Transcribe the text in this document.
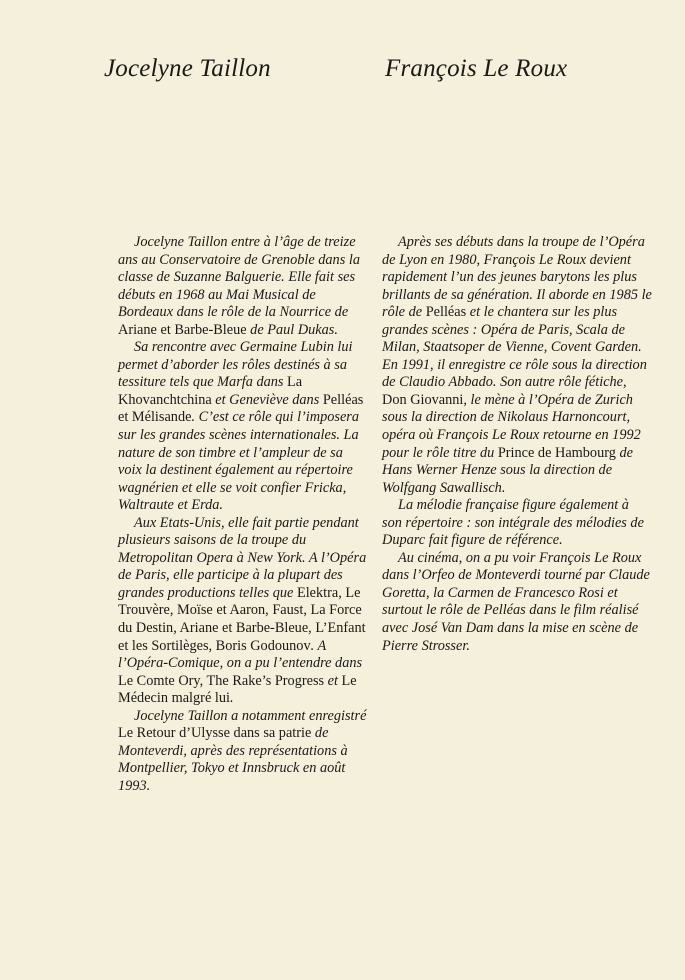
Jocelyne Taillon	François Le Roux

Jocelyne Taillon entre à l’âge de treize ans au Conservatoire de Grenoble dans la classe de Suzanne Balguerie. Elle fait ses débuts en 1968 au Mai Musical de Bordeaux dans le rôle de la Nourrice de Ariane et Barbe-Bleue de Paul Dukas.

Sa rencontre avec Germaine Lubin lui permet d’aborder les rôles destinés à sa tessiture tels que Marfa dans La Khovanchtchina et Geneviève dans Pelléas et Mélisande. C’est ce rôle qui l’imposera sur les grandes scènes internationales. La nature de son timbre et l’ampleur de sa voix la destinent également au répertoire wagnérien et elle se voit confier Fricka, Waltraute et Erda.

Aux Etats-Unis, elle fait partie pendant plusieurs saisons de la troupe du Metropolitan Opera à New York. A l’Opéra de Paris, elle participe à la plupart des grandes productions telles que Elektra, Le Trouvère, Moïse et Aaron, Faust, La Force du Destin, Ariane et Barbe-Bleue, L’Enfant et les Sortilèges, Boris Godounov. A l’Opéra-Comique, on a pu l’entendre dans Le Comte Ory, The Rake’s Progress et Le Médecin malgré lui.

Jocelyne Taillon a notamment enregistré Le Retour d’Ulysse dans sa patrie de Monteverdi, après des représentations à Montpellier, Tokyo et Innsbruck en août 1993.

Après ses débuts dans la troupe de l’Opéra de Lyon en 1980, François Le Roux devient rapidement l’un des jeunes barytons les plus brillants de sa génération. Il aborde en 1985 le rôle de Pelléas et le chantera sur les plus grandes scènes : Opéra de Paris, Scala de Milan, Staatsoper de Vienne, Covent Garden. En 1991, il enregistre ce rôle sous la direction de Claudio Abbado. Son autre rôle fétiche, Don Giovanni, le mène à l’Opéra de Zurich sous la direction de Nikolaus Harnoncourt, opéra où François Le Roux retourne en 1992 pour le rôle titre du Prince de Hambourg de Hans Werner Henze sous la direction de Wolfgang Sawallisch.

La mélodie française figure également à son répertoire : son intégrale des mélodies de Duparc fait figure de référence.

Au cinéma, on a pu voir François Le Roux dans l’Orfeo de Monteverdi tourné par Claude Goretta, la Carmen de Francesco Rosi et surtout le rôle de Pelléas dans le film réalisé avec José Van Dam dans la mise en scène de Pierre Strosser.
